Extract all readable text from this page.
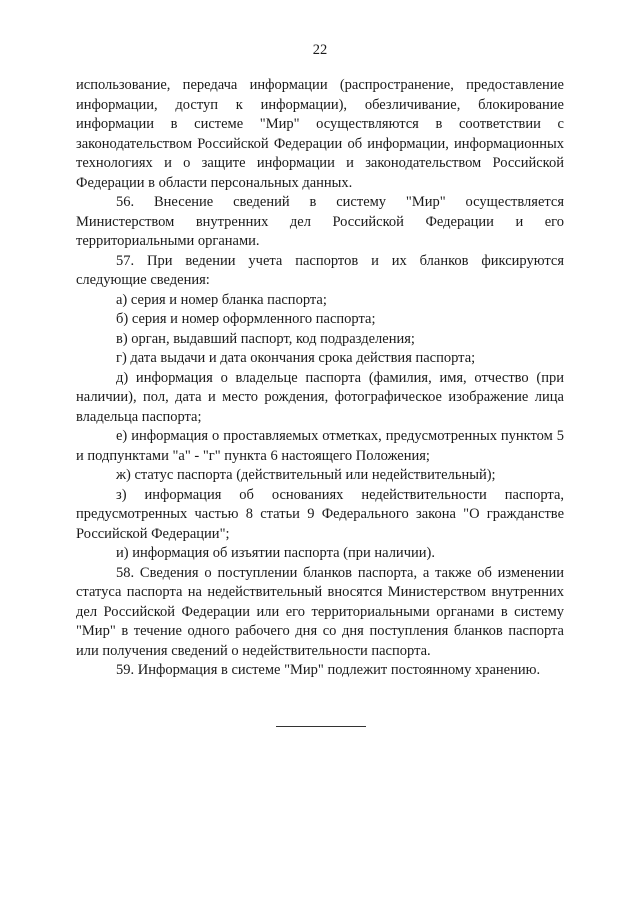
22

использование, передача информации (распространение, предоставление информации, доступ к информации), обезличивание, блокирование информации в системе "Мир" осуществляются в соответствии с законодательством Российской Федерации об информации, информационных технологиях и о защите информации и законодательством Российской Федерации в области персональных данных.

56. Внесение сведений в систему "Мир" осуществляется Министерством внутренних дел Российской Федерации и его территориальными органами.

57. При ведении учета паспортов и их бланков фиксируются следующие сведения:

а) серия и номер бланка паспорта;

б) серия и номер оформленного паспорта;

в) орган, выдавший паспорт, код подразделения;

г) дата выдачи и дата окончания срока действия паспорта;

д) информация о владельце паспорта (фамилия, имя, отчество (при наличии), пол, дата и место рождения, фотографическое изображение лица владельца паспорта;

е) информация о проставляемых отметках, предусмотренных пунктом 5 и подпунктами "а" - "г" пункта 6 настоящего Положения;

ж) статус паспорта (действительный или недействительный);

з) информация об основаниях недействительности паспорта, предусмотренных частью 8 статьи 9 Федерального закона "О гражданстве Российской Федерации";

и) информация об изъятии паспорта (при наличии).

58. Сведения о поступлении бланков паспорта, а также об изменении статуса паспорта на недействительный вносятся Министерством внутренних дел Российской Федерации или его территориальными органами в систему "Мир" в течение одного рабочего дня со дня поступления бланков паспорта или получения сведений о недействительности паспорта.

59. Информация в системе "Мир" подлежит постоянному хранению.
